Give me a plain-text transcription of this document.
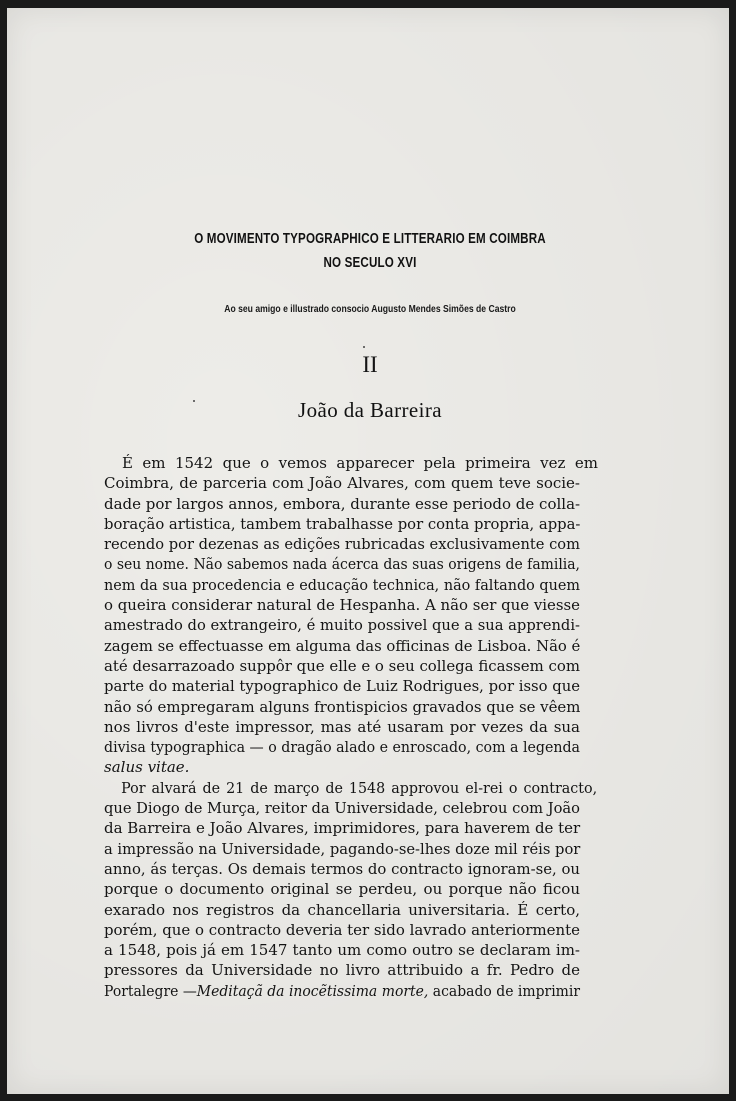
O MOVIMENTO TYPOGRAPHICO E LITTERARIO EM COIMBRA
NO SECULO XVI
Ao seu amigo e illustrado consocio Augusto Mendes Simões de Castro
II
João da Barreira
É em 1542 que o vemos apparecer pela primeira vez em
Coimbra, de parceria com João Alvares, com quem teve socie-
dade por largos annos, embora, durante esse periodo de colla-
boração artistica, tambem trabalhasse por conta propria, appa-
recendo por dezenas as edições rubricadas exclusivamente com
o seu nome. Não sabemos nada ácerca das suas origens de familia,
nem da sua procedencia e educação technica, não faltando quem
o queira considerar natural de Hespanha. A não ser que viesse
amestrado do extrangeiro, é muito possivel que a sua apprendi-
zagem se effectuasse em alguma das officinas de Lisboa. Não é
até desarrazoado suppôr que elle e o seu collega ficassem com
parte do material typographico de Luiz Rodrigues, por isso que
não só empregaram alguns frontispicios gravados que se vêem
nos livros d'este impressor, mas até usaram por vezes da sua
divisa typographica — o dragão alado e enroscado, com a legenda
salus vitae.
Por alvará de 21 de março de 1548 approvou el-rei o contracto,
que Diogo de Murça, reitor da Universidade, celebrou com João
da Barreira e João Alvares, imprimidores, para haverem de ter
a impressão na Universidade, pagando-se-lhes doze mil réis por
anno, ás terças. Os demais termos do contracto ignoram-se, ou
porque o documento original se perdeu, ou porque não ficou
exarado nos registros da chancellaria universitaria. É certo,
porém, que o contracto deveria ter sido lavrado anteriormente
a 1548, pois já em 1547 tanto um como outro se declaram im-
pressores da Universidade no livro attribuido a fr. Pedro de
Portalegre —Meditaçã da inocẽtissima morte, acabado de imprimir
